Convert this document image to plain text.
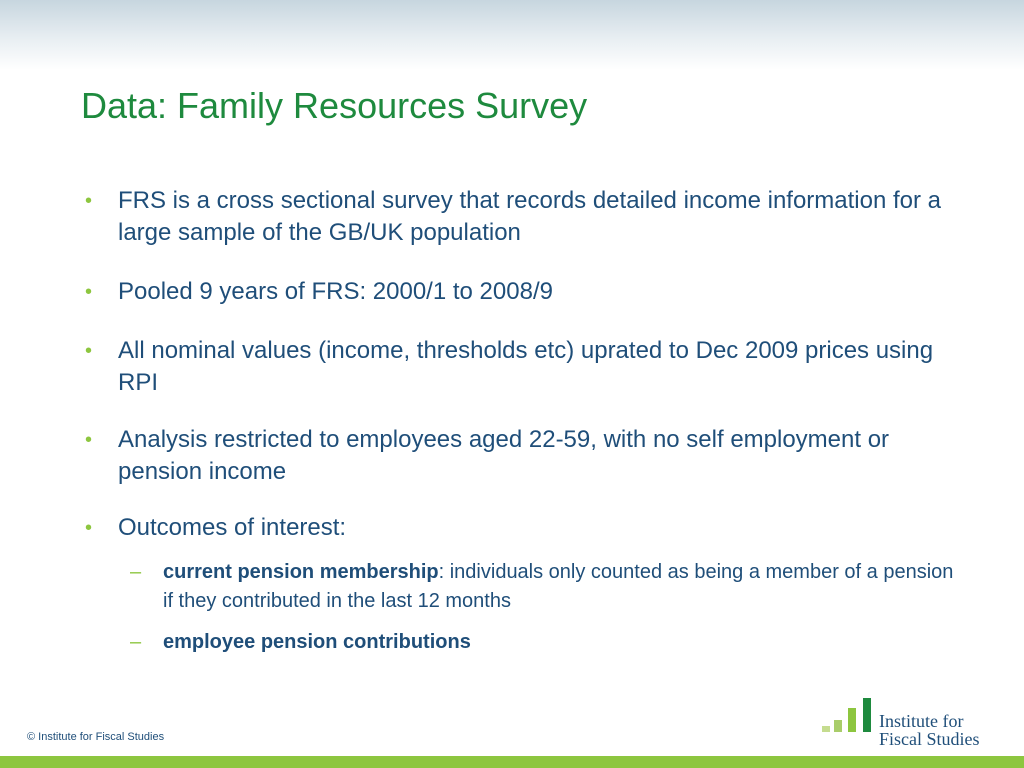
Data: Family Resources Survey
• FRS is a cross sectional survey that records detailed income information for a large sample of the GB/UK population
• Pooled 9 years of FRS: 2000/1 to 2008/9
• All nominal values (income, thresholds etc) uprated to Dec 2009 prices using RPI
• Analysis restricted to employees aged 22-59, with no self employment or pension income
• Outcomes of interest:
– current pension membership: individuals only counted as being a member of a pension if they contributed in the last 12 months
– employee pension contributions
© Institute for Fiscal Studies
Institute for
Fiscal Studies
